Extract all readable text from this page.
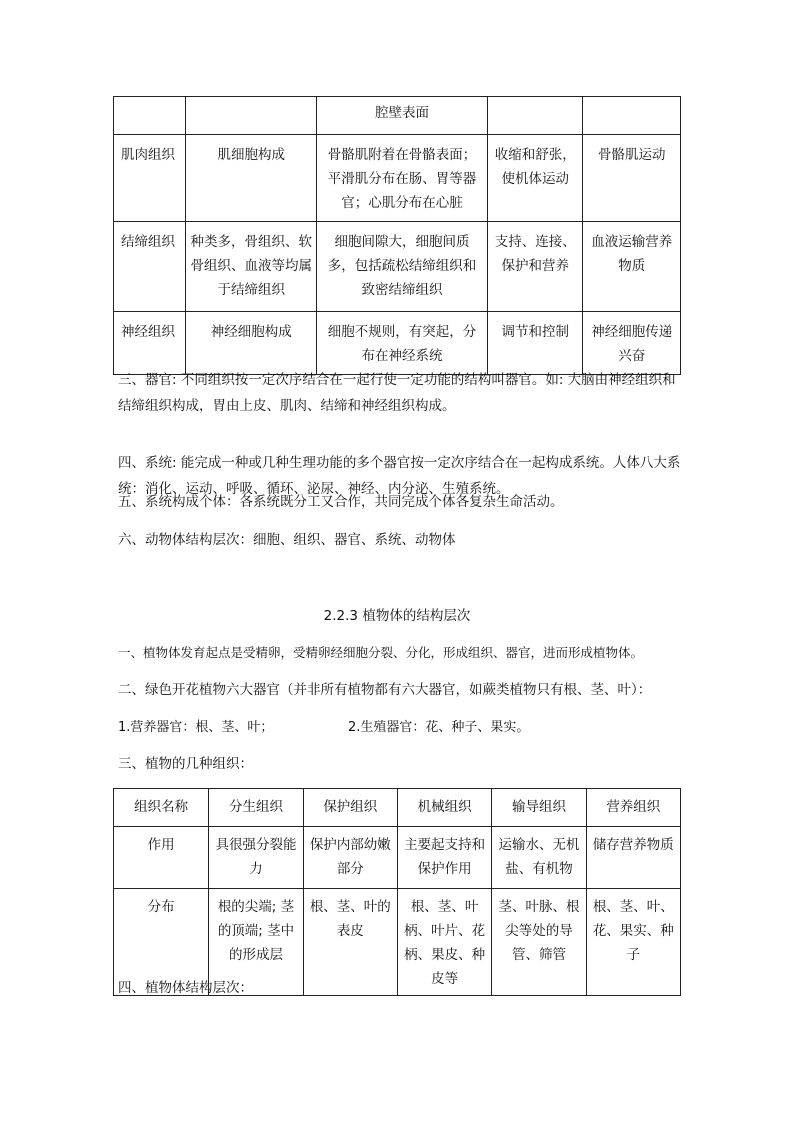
		腔壁表面		
肌肉组织	肌细胞构成	骨骼肌附着在骨骼表面；平滑肌分布在肠、胃等器官；心肌分布在心脏	收缩和舒张，使机体运动	骨骼肌运动
结缔组织	种类多，骨组织、软骨组织、血液等均属于结缔组织	细胞间隙大，细胞间质多，包括疏松结缔组织和致密结缔组织	支持、连接、保护和营养	血液运输营养物质
神经组织	神经细胞构成	细胞不规则，有突起，分布在神经系统	调节和控制	神经细胞传递兴奋

三、器官: 不同组织按一定次序结合在一起行使一定功能的结构叫器官。如: 大脑由神经组织和结缔组织构成，胃由上皮、肌肉、结缔和神经组织构成。

四、系统: 能完成一种或几种生理功能的多个器官按一定次序结合在一起构成系统。人体八大系统：消化、运动、呼吸、循环、泌尿、神经、内分泌、生殖系统。

五、系统构成个体：各系统既分工又合作，共同完成个体各复杂生命活动。

六、动物体结构层次：细胞、组织、器官、系统、动物体

2.2.3 植物体的结构层次

一、植物体发育起点是受精卵，受精卵经细胞分裂、分化，形成组织、器官，进而形成植物体。

二、绿色开花植物六大器官（并非所有植物都有六大器官，如蕨类植物只有根、茎、叶）：

1.营养器官：根、茎、叶；	2.生殖器官：花、种子、果实。

三、植物的几种组织：

组织名称	分生组织	保护组织	机械组织	输导组织	营养组织
作用	具很强分裂能力	保护内部幼嫩部分	主要起支持和保护作用	运输水、无机盐、有机物	储存营养物质
分布	根的尖端; 茎的顶端; 茎中的形成层	根、茎、叶的表皮	根、茎、叶柄、叶片、花柄、果皮、种皮等	茎、叶脉、根尖等处的导管、筛管	根、茎、叶、花、果实、种子

四、植物体结构层次：
